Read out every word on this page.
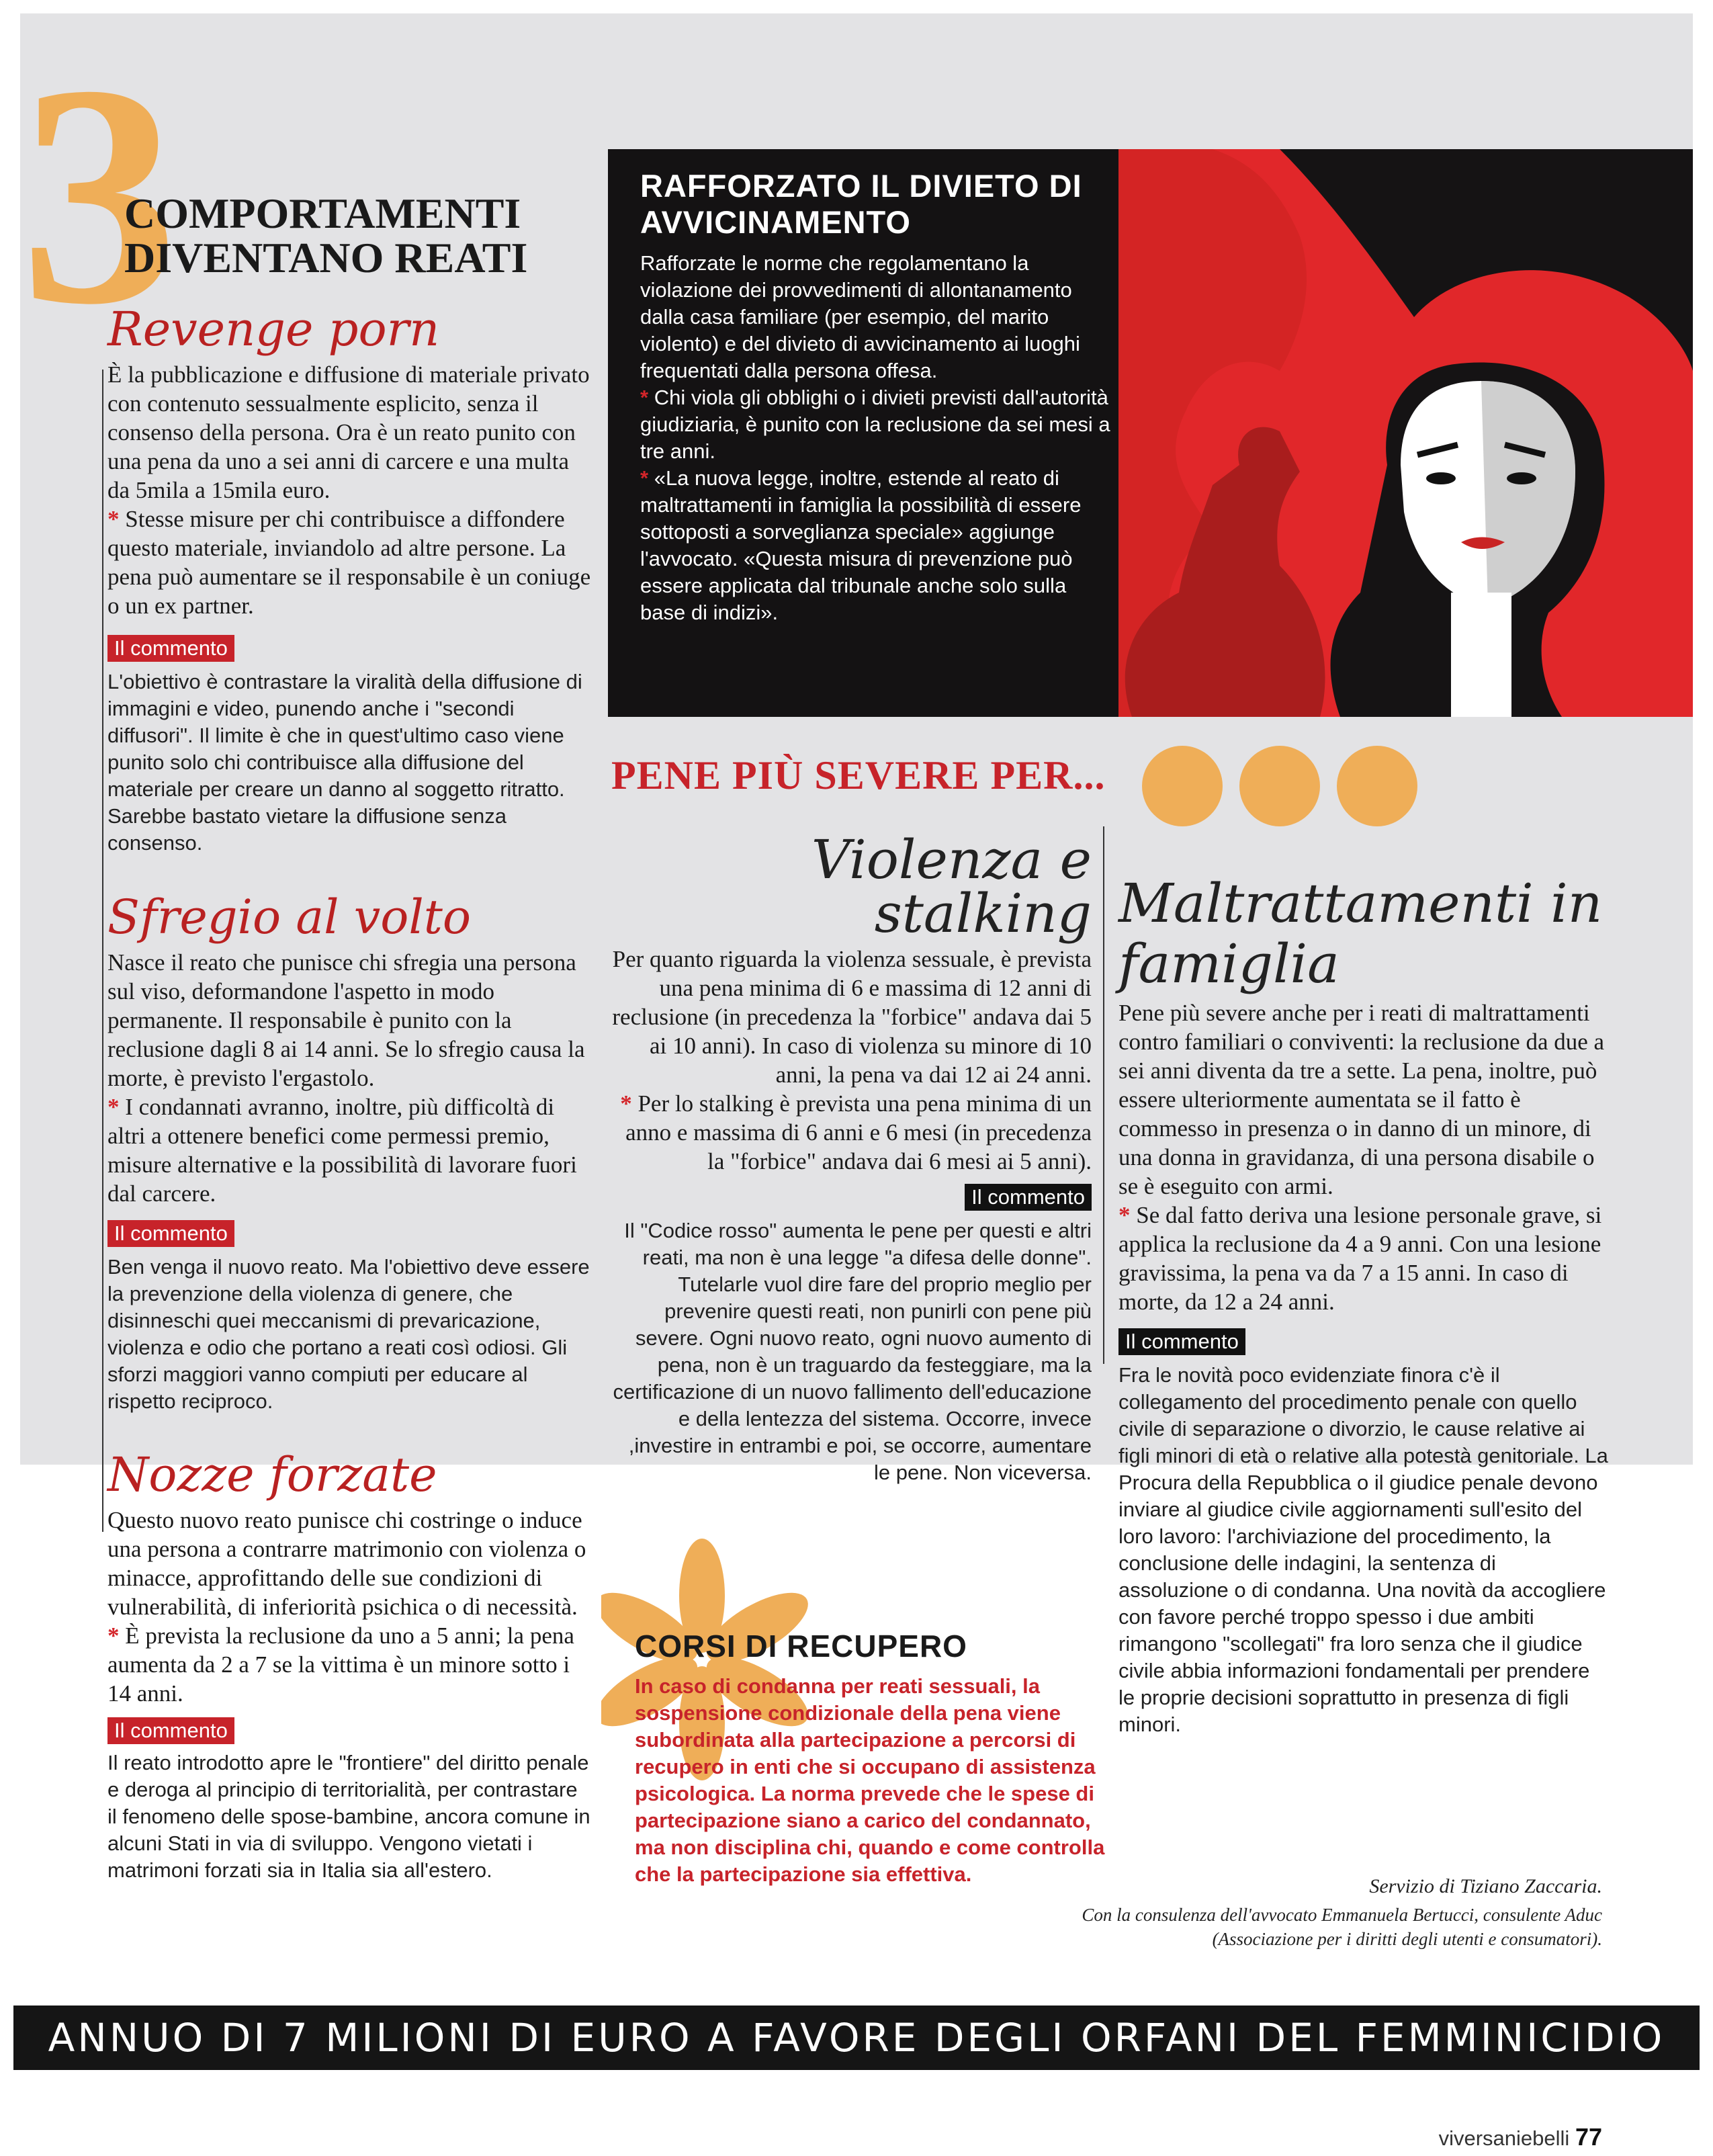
3
COMPORTAMENTI DIVENTANO REATI
Revenge porn
È la pubblicazione e diffusione di materiale privato con contenuto sessualmente esplicito, senza il consenso della persona. Ora è un reato punito con una pena da uno a sei anni di carcere e una multa da 5mila a 15mila euro.
* Stesse misure per chi contribuisce a diffondere questo materiale, inviandolo ad altre persone. La pena può aumentare se il responsabile è un coniuge o un ex partner.
Il commento
L'obiettivo è contrastare la viralità della diffusione di immagini e video, punendo anche i "secondi diffusori". Il limite è che in quest'ultimo caso viene punito solo chi contribuisce alla diffusione del materiale per creare un danno al soggetto ritratto. Sarebbe bastato vietare la diffusione senza consenso.
Sfregio al volto
Nasce il reato che punisce chi sfregia una persona sul viso, deformandone l'aspetto in modo permanente. Il responsabile è punito con la reclusione dagli 8 ai 14 anni. Se lo sfregio causa la morte, è previsto l'ergastolo.
* I condannati avranno, inoltre, più difficoltà di altri a ottenere benefici come permessi premio, misure alternative e la possibilità di lavorare fuori dal carcere.
Il commento
Ben venga il nuovo reato. Ma l'obiettivo deve essere la prevenzione della violenza di genere, che disinneschi quei meccanismi di prevaricazione, violenza e odio che portano a reati così odiosi. Gli sforzi maggiori vanno compiuti per educare al rispetto reciproco.
Nozze forzate
Questo nuovo reato punisce chi costringe o induce una persona a contrarre matrimonio con violenza o minacce, approfittando delle sue condizioni di vulnerabilità, di inferiorità psichica o di necessità.
* È prevista la reclusione da uno a 5 anni; la pena aumenta da 2 a 7 se la vittima è un minore sotto i 14 anni.
Il commento
Il reato introdotto apre le "frontiere" del diritto penale e deroga al principio di territorialità, per contrastare il fenomeno delle spose-bambine, ancora comune in alcuni Stati in via di sviluppo. Vengono vietati i matrimoni forzati sia in Italia sia all'estero.
RAFFORZATO IL DIVIETO DI AVVICINAMENTO

Rafforzate le norme che regolamentano la violazione dei provvedimenti di allontanamento dalla casa familiare (per esempio, del marito violento) e del divieto di avvicinamento ai luoghi frequentati dalla persona offesa.

* Chi viola gli obblighi o i divieti previsti dall'autorità giudiziaria, è punito con la reclusione da sei mesi a tre anni.

* «La nuova legge, inoltre, estende al reato di maltrattamenti in famiglia la possibilità di essere sottoposti a sorveglianza speciale» aggiunge l'avvocato. «Questa misura di prevenzione può essere applicata dal tribunale anche solo sulla base di indizi».

PENE PIÙ SEVERE PER...
Violenza e stalking
Per quanto riguarda la violenza sessuale, è prevista una pena minima di 6 e massima di 12 anni di reclusione (in precedenza la "forbice" andava dai 5 ai 10 anni). In caso di violenza su minore di 10 anni, la pena va dai 12 ai 24 anni.
* Per lo stalking è prevista una pena minima di un anno e massima di 6 anni e 6 mesi (in precedenza la "forbice" andava dai 6 mesi ai 5 anni).
Il commento
Il "Codice rosso" aumenta le pene per questi e altri reati, ma non è una legge "a difesa delle donne". Tutelarle vuol dire fare del proprio meglio per prevenire questi reati, non punirli con pene più severe. Ogni nuovo reato, ogni nuovo aumento di pena, non è un traguardo da festeggiare, ma la certificazione di un nuovo fallimento dell'educazione e della lentezza del sistema. Occorre, invece ,investire in entrambi e poi, se occorre, aumentare le pene. Non viceversa.
Maltrattamenti in famiglia
Pene più severe anche per i reati di maltrattamenti contro familiari o conviventi: la reclusione da due a sei anni diventa da tre a sette. La pena, inoltre, può essere ulteriormente aumentata se il fatto è commesso in presenza o in danno di un minore, di una donna in gravidanza, di una persona disabile o se è eseguito con armi.
* Se dal fatto deriva una lesione personale grave, si applica la reclusione da 4 a 9 anni. Con una lesione gravissima, la pena va da 7 a 15 anni. In caso di morte, da 12 a 24 anni.
Il commento
Fra le novità poco evidenziate finora c'è il collegamento del procedimento penale con quello civile di separazione o divorzio, le cause relative ai figli minori di età o relative alla potestà genitoriale. La Procura della Repubblica o il giudice penale devono inviare al giudice civile aggiornamenti sull'esito del loro lavoro: l'archiviazione del procedimento, la conclusione delle indagini, la sentenza di assoluzione o di condanna. Una novità da accogliere con favore perché troppo spesso i due ambiti rimangono "scollegati" fra loro senza che il giudice civile abbia informazioni fondamentali per prendere le proprie decisioni soprattutto in presenza di figli minori.
CORSI DI RECUPERO
In caso di condanna per reati sessuali, la sospensione condizionale della pena viene subordinata alla partecipazione a percorsi di recupero in enti che si occupano di assistenza psicologica. La norma prevede che le spese di partecipazione siano a carico del condannato, ma non disciplina chi, quando e come controlla che la partecipazione sia effettiva.
Servizio di Tiziano Zaccaria.
Con la consulenza dell'avvocato Emmanuela Bertucci, consulente Aduc (Associazione per i diritti degli utenti e consumatori).
ANNUO DI 7 MILIONI DI EURO A FAVORE DEGLI ORFANI DEL FEMMINICIDIO
viversaniebelli 77
